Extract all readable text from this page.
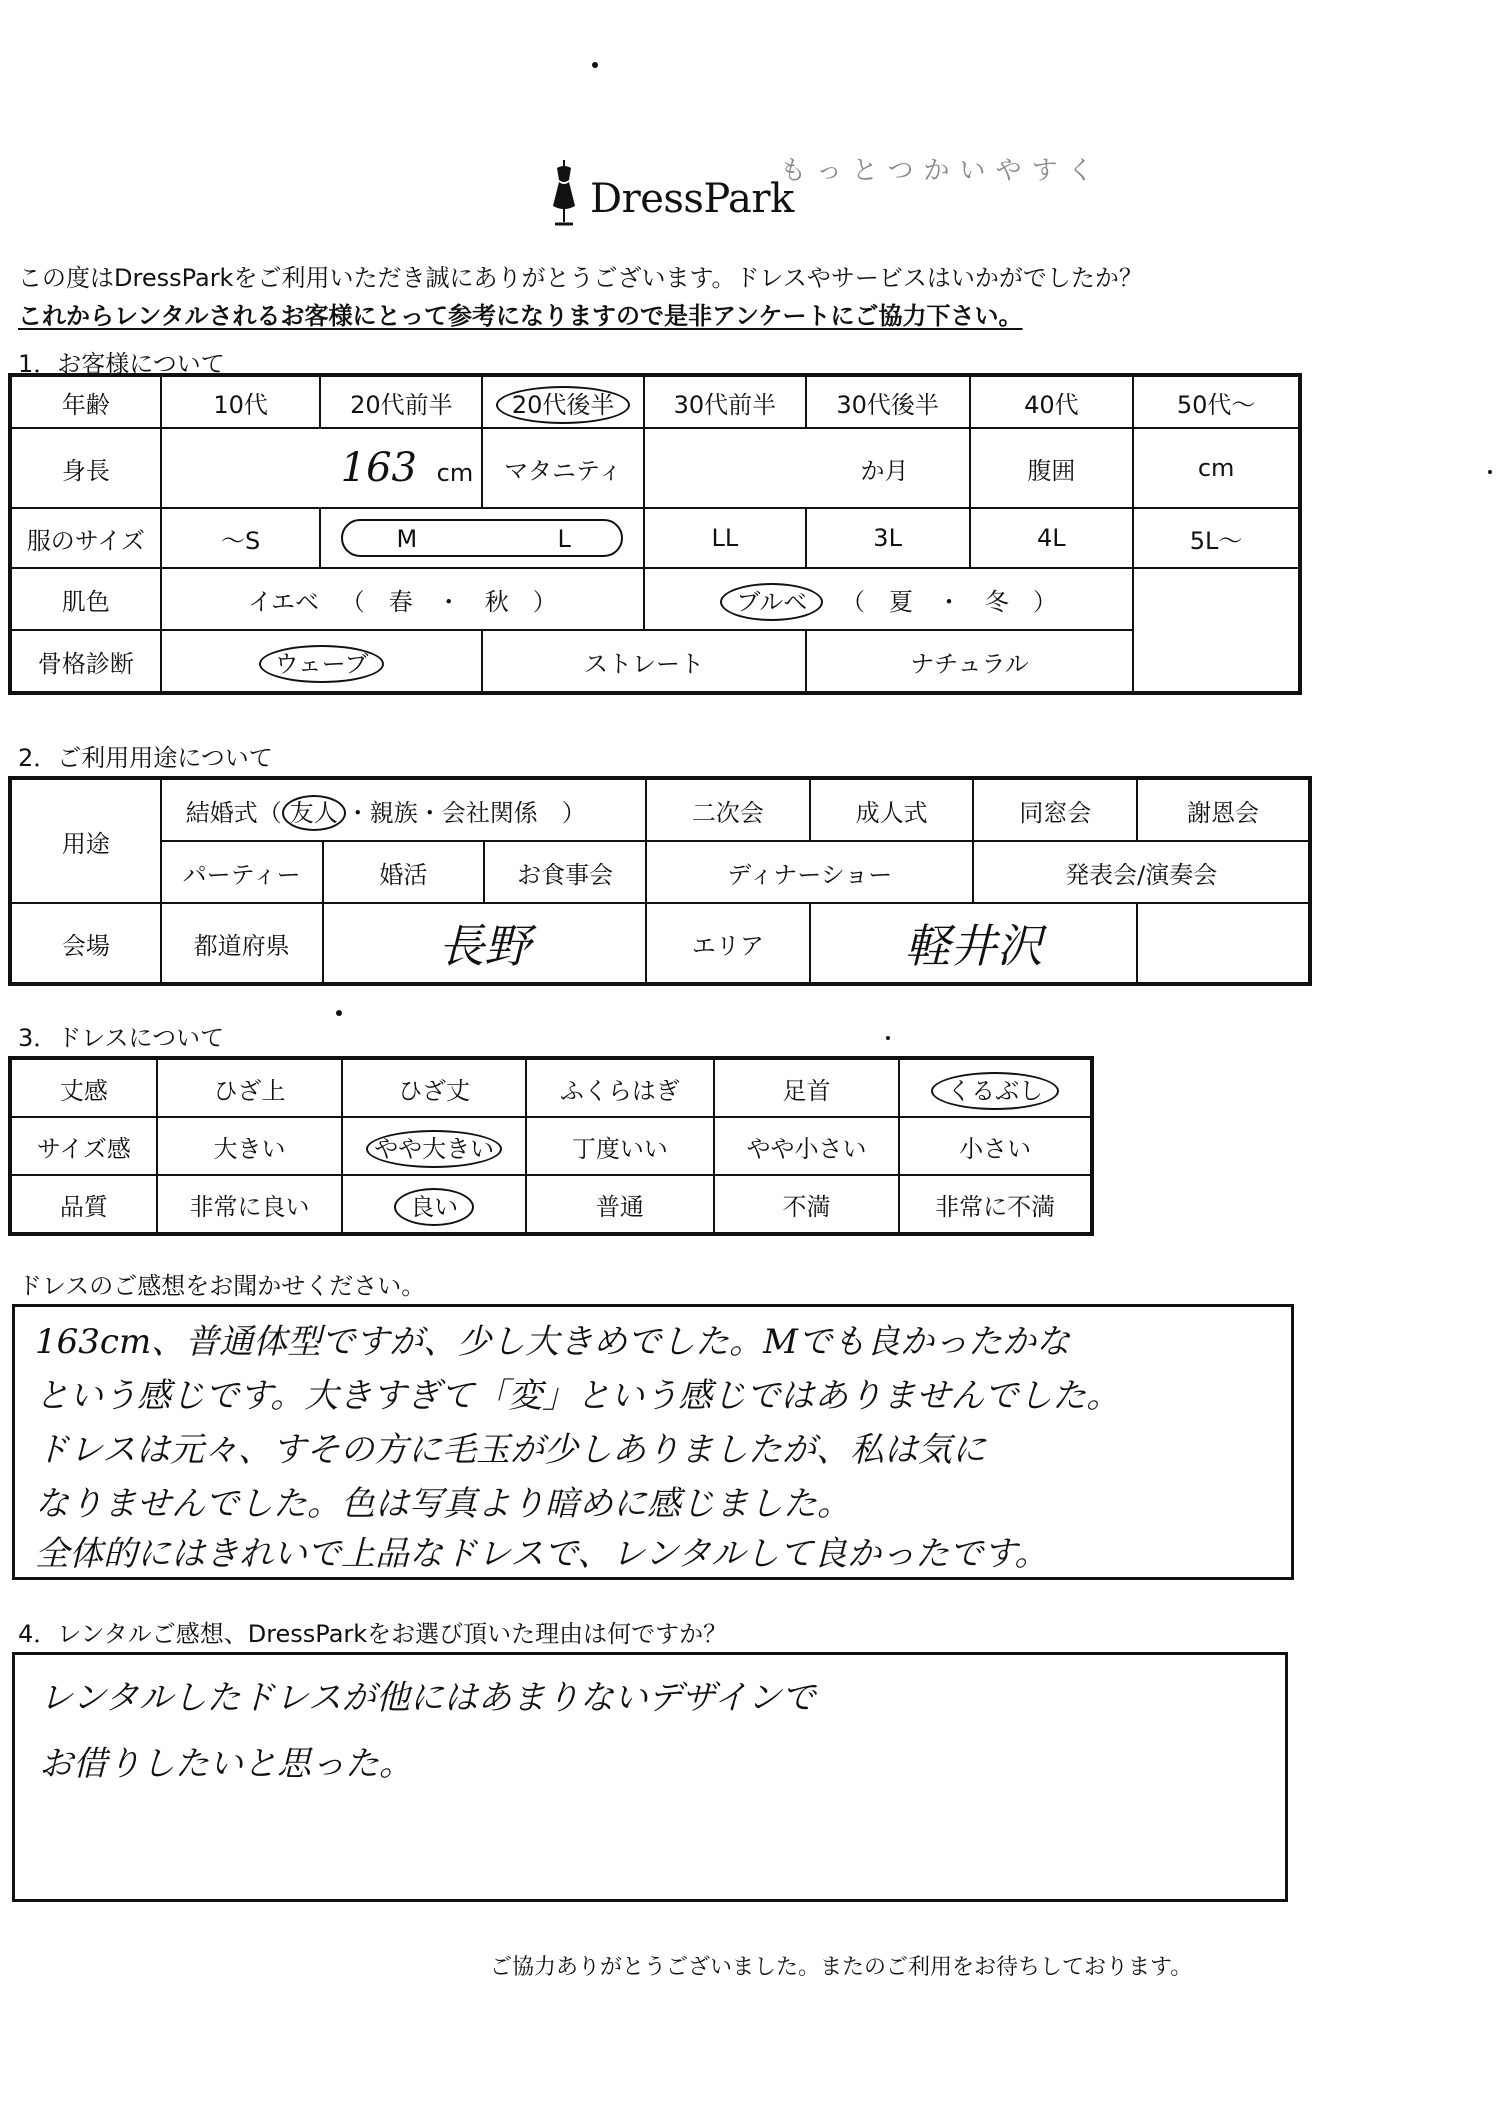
DressPark
もっとつかいやすく
この度はDressParkをご利用いただき誠にありがとうございます。ドレスやサービスはいかがでしたか？
これからレンタルされるお客様にとって参考になりますので是非アンケートにご協力下さい。
1．お客様について
年齢	10代	20代前半	20代後半	30代前半	30代後半	40代	50代～
身長	163 cm		マタニティ	か月		腹囲	cm
服のサイズ	～S	M L		LL	3L	4L	5L～
肌色	イエベ （　春　・　秋　）			ブルベ （　夏　・　冬　）			
骨格診断	ウェーブ		ストレート		ナチュラル		
2．ご利用用途について
用途	結婚式（ 友人 ・親族・会社関係　）			二次会	成人式	同窓会	謝恩会
	パーティー	婚活	お食事会	ディナーショー		発表会/演奏会	
会場	都道府県	長野		エリア	軽井沢		
3．ドレスについて
丈感	ひざ上	ひざ丈	ふくらはぎ	足首	くるぶし
サイズ感	大きい	やや大きい	丁度いい	やや小さい	小さい
品質	非常に良い	良い	普通	不満	非常に不満
ドレスのご感想をお聞かせください。
163cm、普通体型ですが、少し大きめでした。Mでも良かったかな
という感じです。大きすぎて「変」という感じではありませんでした。
ドレスは元々、すその方に毛玉が少しありましたが、私は気に
なりませんでした。色は写真より暗めに感じました。
全体的にはきれいで上品なドレスで、レンタルして良かったです。
4．レンタルご感想、DressParkをお選び頂いた理由は何ですか？
レンタルしたドレスが他にはあまりないデザインで
お借りしたいと思った。
ご協力ありがとうございました。またのご利用をお待ちしております。
